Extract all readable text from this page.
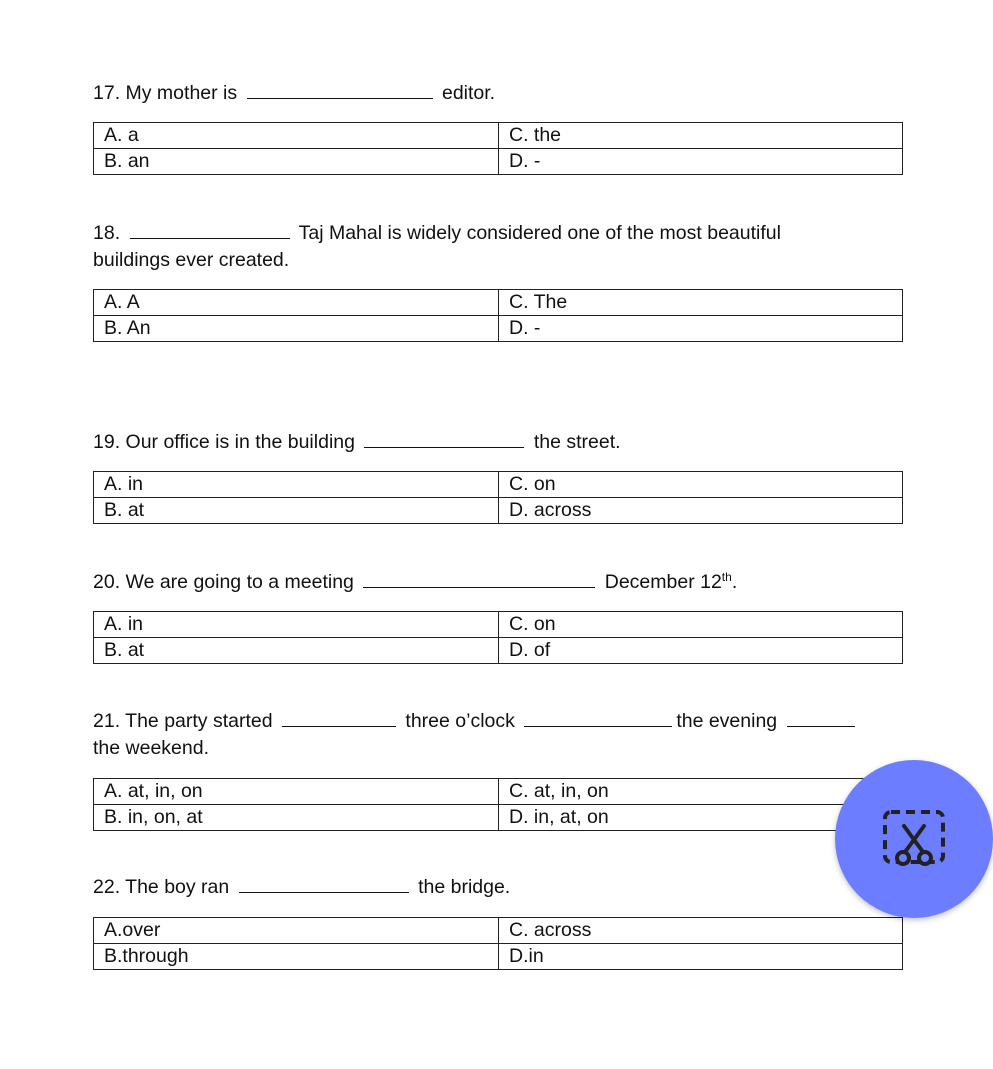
17. My mother is	editor.
A. a	C. the
B. an	D. -
18.	Taj Mahal is widely considered one of the most beautiful
buildings ever created.
A. A	C. The
B. An	D. -
19. Our office is in the building	the street.
A. in	C. on
B. at	D. across
20. We are going to a meeting	December 12th.
A. in	C. on
B. at	D. of
21. The party started	three o’clock	the evening
the weekend.
A. at, in, on	C. at, in, on
B. in, on, at	D. in, at, on
22. The boy ran	the bridge.
A.over	C. across
B.through	D.in
